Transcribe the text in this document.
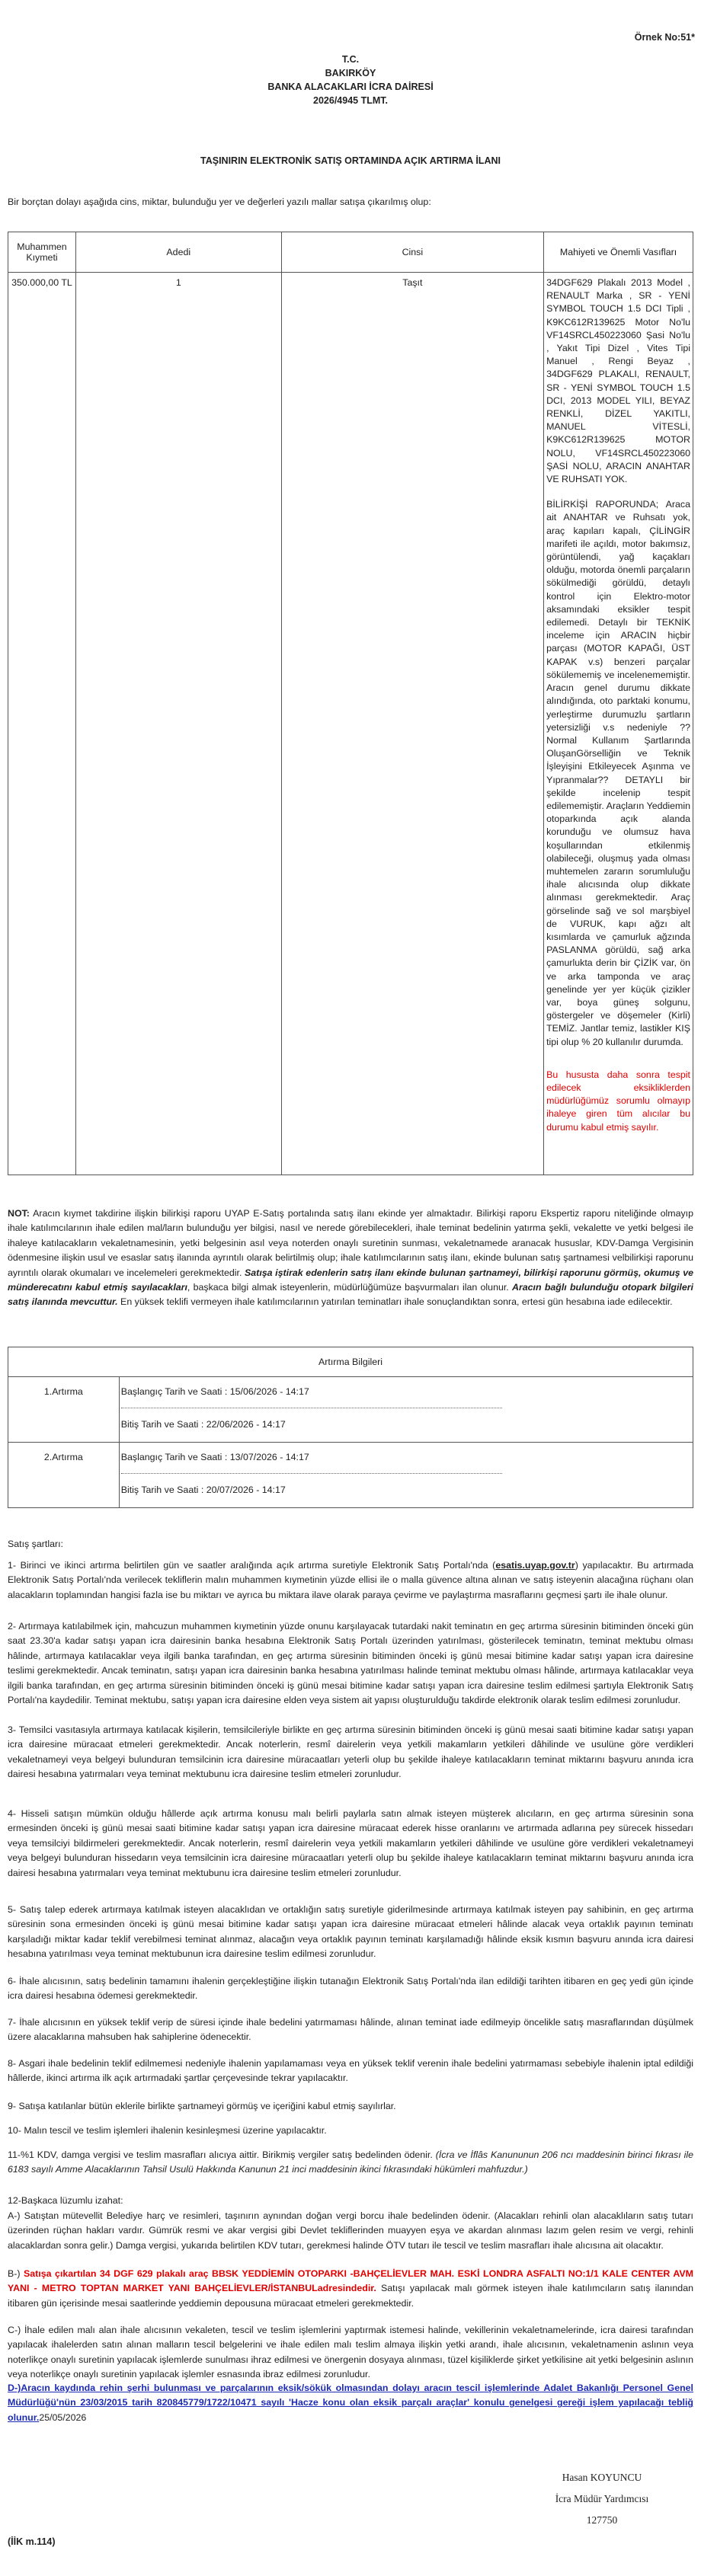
Örnek No:51*
T.C.
BAKIRKÖY
BANKA ALACAKLARI İCRA DAİRESİ
2026/4945 TLMT.
TAŞINIRIN ELEKTRONİK SATIŞ ORTAMINDA AÇIK ARTIRMA İLANI
Bir borçtan dolayı aşağıda cins, miktar, bulunduğu yer ve değerleri yazılı mallar satışa çıkarılmış olup:
Muhammen Kıymeti	Adedi	Cinsi	Mahiyeti ve Önemli Vasıfları
350.000,00 TL	1	Taşıt	34DGF629 Plakalı 2013 Model , RENAULT Marka , SR - YENİ SYMBOL TOUCH 1.5 DCI Tipli , K9KC612R139625 Motor No'lu VF14SRCL450223060 Şasi No'lu , Yakıt Tipi Dizel , Vites Tipi Manuel , Rengi Beyaz , 34DGF629 PLAKALI, RENAULT, SR - YENİ SYMBOL TOUCH 1.5 DCI, 2013 MODEL YILI, BEYAZ RENKLİ, DİZEL YAKITLI, MANUEL VİTESLİ, K9KC612R139625 MOTOR NOLU, VF14SRCL450223060 ŞASİ NOLU, ARACIN ANAHTAR VE RUHSATI YOK.
BİLİRKİŞİ RAPORUNDA; Araca ait ANAHTAR ve Ruhsatı yok, araç kapıları kapalı, ÇİLİNGİR marifeti ile açıldı, motor bakımsız, görüntülendi, yağ kaçakları olduğu, motorda önemli parçaların sökülmediği görüldü, detaylı kontrol için Elektro-motor aksamındaki eksikler tespit edilemedi. Detaylı bir TEKNİK inceleme için ARACIN hiçbir parçası (MOTOR KAPAĞI, ÜST KAPAK v.s) benzeri parçalar sökülememiş ve incelenememiştir. Aracın genel durumu dikkate alındığında, oto parktaki konumu, yerleştirme durumuzlu şartların yetersizliği v.s nedeniyle ??Normal Kullanım Şartlarında OluşanGörselliğin ve Teknik İşleyişini Etkileyecek Aşınma ve Yıpranmalar?? DETAYLI bir şekilde incelenip tespit edilememiştir. Araçların Yeddiemin otoparkında açık alanda korunduğu ve olumsuz hava koşullarından etkilenmiş olabileceği, oluşmuş yada olması muhtemelen zararın sorumluluğu ihale alıcısında olup dikkate alınması gerekmektedir. Araç görselinde sağ ve sol marşbiyel de VURUK, kapı ağzı alt kısımlarda ve çamurluk ağzında PASLANMA görüldü, sağ arka çamurlukta derin bir ÇİZİK var, ön ve arka tamponda ve araç genelinde yer yer küçük çizikler var, boya güneş solgunu, göstergeler ve döşemeler (Kirli) TEMİZ. Jantlar temiz, lastikler KIŞ tipi olup % 20 kullanılır durumda.
Bu hususta daha sonra tespit edilecek eksikliklerden müdürlüğümüz sorumlu olmayıp ihaleye giren tüm alıcılar bu durumu kabul etmiş sayılır.
NOT: Aracın kıymet takdirine ilişkin bilirkişi raporu UYAP E-Satış portalında satış ilanı ekinde yer almaktadır. Bilirkişi raporu Ekspertiz raporu niteliğinde olmayıp ihale katılımcılarının ihale edilen mal/ların bulunduğu yer bilgisi, nasıl ve nerede görebilecekleri, ihale teminat bedelinin yatırma şekli, vekalette ve yetki belgesi ile ihaleye katılacakların vekaletnamesinin, yetki belgesinin asıl veya noterden onaylı suretinin sunması, vekaletnamede aranacak hususlar, KDV-Damga Vergisinin ödenmesine ilişkin usul ve esaslar satış ilanında ayrıntılı olarak belirtilmiş olup; ihale katılımcılarının satış ilanı, ekinde bulunan satış şartnamesi velbilirkişi raporunu ayrıntılı olarak okumaları ve incelemeleri gerekmektedir. Satışa iştirak edenlerin satış ilanı ekinde bulunan şartnameyi, bilirkişi raporunu görmüş, okumuş ve münderecatını kabul etmiş sayılacakları, başkaca bilgi almak isteyenlerin, müdürlüğümüze başvurmaları ilan olunur. Aracın bağlı bulunduğu otopark bilgileri satış ilanında mevcuttur. En yüksek teklifi vermeyen ihale katılımcılarının yatırılan teminatları ihale sonuçlandıktan sonra, ertesi gün hesabına iade edilecektir.
Artırma Bilgileri	
1.Artırma	Başlangıç Tarih ve Saati : 15/06/2026 - 14:17
Bitiş Tarih ve Saati : 22/06/2026 - 14:17

2.Artırma	Başlangıç Tarih ve Saati : 13/07/2026 - 14:17
Bitiş Tarih ve Saati : 20/07/2026 - 14:17
Satış şartları:
1- Birinci ve ikinci artırma belirtilen gün ve saatler aralığında açık artırma suretiyle Elektronik Satış Portalı'nda (esatis.uyap.gov.tr) yapılacaktır. Bu artırmada Elektronik Satış Portalı'nda verilecek tekliflerin malın muhammen kıymetinin yüzde ellisi ile o malla güvence altına alınan ve satış isteyenin alacağına rüçhanı olan alacakların toplamından hangisi fazla ise bu miktarı ve ayrıca bu miktara ilave olarak paraya çevirme ve paylaştırma masraflarını geçmesi şartı ile ihale olunur.
2- Artırmaya katılabilmek için, mahcuzun muhammen kıymetinin yüzde onunu karşılayacak tutardaki nakit teminatın en geç artırma süresinin bitiminden önceki gün saat 23.30'a kadar satışı yapan icra dairesinin banka hesabına Elektronik Satış Portalı üzerinden yatırılması, gösterilecek teminatın, teminat mektubu olması hâlinde, artırmaya katılacaklar veya ilgili banka tarafından, en geç artırma süresinin bitiminden önceki iş günü mesai bitimine kadar satışı yapan icra dairesine teslimi gerekmektedir. Ancak teminatın, satışı yapan icra dairesinin banka hesabına yatırılması halinde teminat mektubu olması hâlinde, artırmaya katılacaklar veya ilgili banka tarafından, en geç artırma süresinin bitiminden önceki iş günü mesai bitimine kadar satışı yapan icra dairesine teslim edilmesi şartıyla Elektronik Satış Portalı'na kaydedilir. Teminat mektubu, satışı yapan icra dairesine elden veya sistem ait yapısı oluşturulduğu takdirde elektronik olarak teslim edilmesi zorunludur.
3- Temsilci vasıtasıyla artırmaya katılacak kişilerin, temsilcileriyle birlikte en geç artırma süresinin bitiminden önceki iş günü mesai saati bitimine kadar satışı yapan icra dairesine müracaat etmeleri gerekmektedir. Ancak noterlerin, resmî dairelerin veya yetkili makamların yetkileri dâhilinde ve usulüne göre verdikleri vekaletnameyi veya belgeyi bulunduran temsilcinin icra dairesine müracaatları yeterli olup bu şekilde ihaleye katılacakların teminat miktarını başvuru anında icra dairesi hesabına yatırmaları veya teminat mektubunu icra dairesine teslim etmeleri zorunludur.
4- Hisseli satışın mümkün olduğu hâllerde açık artırma konusu malı belirli paylarla satın almak isteyen müşterek alıcıların, en geç artırma süresinin sona ermesinden önceki iş günü mesai saati bitimine kadar satışı yapan icra dairesine müracaat ederek hisse oranlarını ve artırmada adlarına pey sürecek hissedarı veya temsilciyi bildirmeleri gerekmektedir. Ancak noterlerin, resmî dairelerin veya yetkili makamların yetkileri dâhilinde ve usulüne göre verdikleri vekaletnameyi veya belgeyi bulunduran hissedarın veya temsilcinin icra dairesine müracaatları yeterli olup bu şekilde ihaleye katılacakların teminat miktarını başvuru anında icra dairesi hesabına yatırmaları veya teminat mektubunu icra dairesine teslim etmeleri zorunludur.
5- Satış talep ederek artırmaya katılmak isteyen alacaklıdan ve ortaklığın satış suretiyle giderilmesinde artırmaya katılmak isteyen pay sahibinin, en geç artırma süresinin sona ermesinden önceki iş günü mesai bitimine kadar satışı yapan icra dairesine müracaat etmeleri hâlinde alacak veya ortaklık payının teminatı karşıladığı miktar kadar teklif verebilmesi teminat alınmaz, alacağın veya ortaklık payının teminatı karşılamadığı hâlinde eksik kısmın başvuru anında icra dairesi hesabına yatırılması veya teminat mektubunun icra dairesine teslim edilmesi zorunludur.
6- İhale alıcısının, satış bedelinin tamamını ihalenin gerçekleştiğine ilişkin tutanağın Elektronik Satış Portalı'nda ilan edildiği tarihten itibaren en geç yedi gün içinde icra dairesi hesabına ödemesi gerekmektedir.
7- İhale alıcısının en yüksek teklif verip de süresi içinde ihale bedelini yatırmaması hâlinde, alınan teminat iade edilmeyip öncelikle satış masraflarından düşülmek üzere alacaklarına mahsuben hak sahiplerine ödenecektir.
8- Asgari ihale bedelinin teklif edilmemesi nedeniyle ihalenin yapılamaması veya en yüksek teklif verenin ihale bedelini yatırmaması sebebiyle ihalenin iptal edildiği hâllerde, ikinci artırma ilk açık artırmadaki şartlar çerçevesinde tekrar yapılacaktır.
9- Satışa katılanlar bütün eklerile birlikte şartnameyi görmüş ve içeriğini kabul etmiş sayılırlar.
10- Malın tescil ve teslim işlemleri ihalenin kesinleşmesi üzerine yapılacaktır.
11-%1 KDV, damga vergisi ve teslim masrafları alıcıya aittir. Birikmiş vergiler satış bedelinden ödenir. (İcra ve İflâs Kanununun 206 ncı maddesinin birinci fıkrası ile 6183 sayılı Amme Alacaklarının Tahsil Usulü Hakkında Kanunun 21 inci maddesinin ikinci fıkrasındaki hükümleri mahfuzdur.)
12-Başkaca lüzumlu izahat:
A-) Satıştan mütevellit Belediye harç ve resimleri, taşınırın aynından doğan vergi borcu ihale bedelinden ödenir. (Alacakları rehinli olan alacaklıların satış tutarı üzerinden rüçhan hakları vardır. Gümrük resmi ve akar vergisi gibi Devlet tekliflerinden muayyen eşya ve akardan alınması lazım gelen resim ve vergi, rehinli alacaklardan sonra gelir.) Damga vergisi, yukarıda belirtilen KDV tutarı, gerekmesi halinde ÖTV tutarı ile tescil ve teslim masrafları ihale alıcısına ait olacaktır.
B-) Satışa çıkartılan 34 DGF 629 plakalı araç BBSK YEDDİEMİN OTOPARKI -BAHÇELİEVLER MAH. ESKİ LONDRA ASFALTI NO:1/1 KALE CENTER AVM YANI - METRO TOPTAN MARKET YANI BAHÇELİEVLER/İSTANBULadresindedir. Satışı yapılacak malı görmek isteyen ihale katılımcıların satış ilanından itibaren gün içerisinde mesai saatlerinde yeddiemin depousuna müracaat etmeleri gerekmektedir.
C-) İhale edilen malı alan ihale alıcısının vekaleten, tescil ve teslim işlemlerini yaptırmak istemesi halinde, vekillerinin vekaletnamelerinde, icra dairesi tarafından yapılacak ihalelerden satın alınan malların tescil belgelerini ve ihale edilen malı teslim almaya ilişkin yetki arandı, ihale alıcısının, vekaletnamenin aslının veya noterlikçe onaylı suretinin yapılacak işlemlerde sunulması ihraz edilmesi ve önergenin dosyaya alınması, tüzel kişiliklerde şirket yetkilisine ait yetki belgesinin aslının veya noterlikçe onaylı suretinin yapılacak işlemler esnasında ibraz edilmesi zorunludur.
D-)Aracın kaydında rehin şerhi bulunması ve parçalarının eksik/sökük olmasından dolayı aracın tescil işlemlerinde Adalet Bakanlığı Personel Genel Müdürlüğü'nün 23/03/2015 tarih 820845779/1722/10471 sayılı 'Hacze konu olan eksik parçalı araçlar' konulu genelgesi gereği işlem yapılacağı tebliğ olunur.25/05/2026
Hasan KOYUNCU
İcra Müdür Yardımcısı
127750
(İİK m.114)
